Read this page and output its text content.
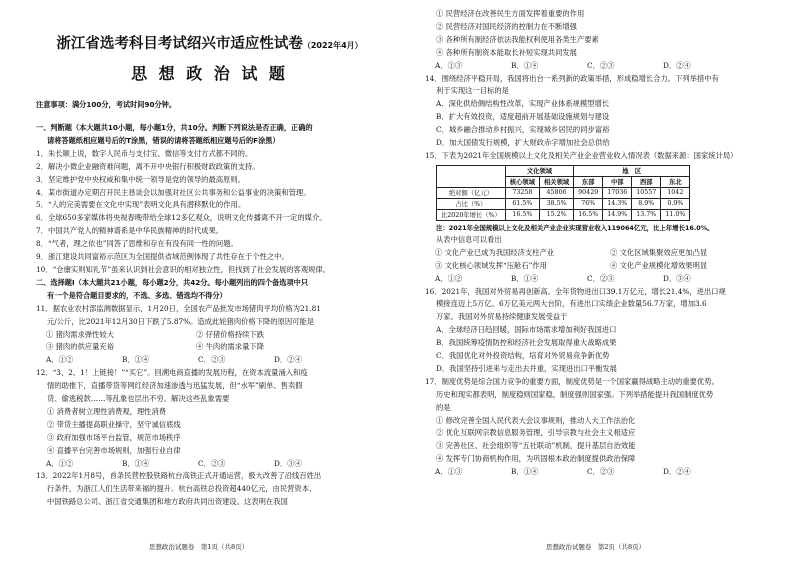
浙江省选考科目考试绍兴市适应性试卷（2022年4月）
思 想 政 治 试 题
注意事项：满分100分，考试时间90分钟。

一、判断题（本大题共10小题，每小题1分，共10分。判断下列说法是否正确，正确的

请将答题纸相应题号后的T涂黑，错误的请将答题纸相应题号后的F涂黑）

1．朱长顺上说，数字人民币与支付宝、微信等支付方式都不同的。

2．解决小微企业融资难问题，离不开中央银行积极财政政策的支持。

3．坚定维护党中央权威和集中统一领导是党的领导的最高原则。

4．某市街道办定期召开民主恳谈会以加强对社区公共事务和公益事业的决策和管理。

5．“人的完美需要在文化中实现”表明文化具有潜移默化的作用。

6．全球650多家媒体将央视春晚带给全球12多亿观众，说明文化传播离不开一定的媒介。

7．中国共产党人的精神谱系是中华民族精神的时代成果。

8．“气者，理之依也”同答了思维和存在有没有同一性的问题。

9．浙江建设共同富裕示范区为全国提供省域范例体现了共性存在于个性之中。

10．“仓廪实则知礼节”虽来认识到社会意识的相对独立性，但找到了社会发展的客观规律。

二、选择题Ⅰ（本大题共21小题，每小题2分，共42分。每小题列出的四个备选项中只

有一个是符合题目要求的，不选、多选、错选均不得分）

11．据农业农村部监测数据显示，1月20日，全国农产品批发市场猪肉平均价格为21.81

元/公斤，比2021年12月30日下跌了5.87%。造成此轮猪肉价格下降的原因可能是

① 猪肉需求弹性较大	② 仔猪价格持续下跌
③ 猪肉的供应量充裕	④ 牛肉的需求量下降
A．①②	B．①④	C．②③	D．②④

12．“3、2、1！上链接！”“买它”。回溯电商直播的发展历程，在资本流量涌入和疫

情的助推下，直播带货等网红经济加速渗透与迅猛发展，但“水军”刷单、售卖假

货、偷逃税款……等乱象也层出不穷。解决这些乱象需要

① 消费者树立理性消费观，理性消费

② 带货主播提高职业操守，坚守诚信底线

③ 政府加强市场平台监管，规范市场秩序

④ 直播平台完善市场规则，加强行业自律

A．①②	B．①④	C．②③	D．③④

13．2022年1月8号，首条民营控股铁路杭台高铁正式开通运营，极大改善了沿线百姓出

行条件，为浙江人们生活带来福的提升。杭台高铁总投资超440亿元，由民营资本、

中国铁路总公司、浙江省交通集团和地方政府共同出资建设。这表明在我国

思想政治试题卷　第1页（共8页）

① 民营经济在改善民生方面发挥着重要的作用

② 民营经济对国民经济的控制力在不断增强

③ 各种所有制经济依法我能权利使用各类生产要素

④ 各种所有制资本能取长补短实现共同发展

A．①③	B．①④	C．②③	D．②④

14．围绕经济平稳开局，我国将出台一系列新的政策举措，形成稳增长合力。下列举措中有

利于实现这一目标的是

A．深化供给侧结构性改革，实现产业体系规模型增长

B．扩大有效投资，适度超前开展基础设施规划与建设

C．城乡融合推动乡村振兴，实现城乡居民的同步富裕

D．加大国债发行规模，扩大财政赤字增加社会总供给

15．下表为2021年全国规模以上文化及相关产业企业营业收入情况表（数据来源：国家统计局）

	文化领域		地　区			
	核心领域	相关领域	东部	中部	西部	东北
绝对额（亿元）	73258	45806	90429	17036	10557	1042
占比（%）	61.5%	38.5%	76%	14.3%	8.9%	0.9%
比2020年增长（%）	16.5%	15.2%	16.5%	14.9%	13.7%	11.0%

注：2021年全国规模以上文化及相关产业企业实现营业收入119064亿元，比上年增长16.0%。

从表中信息可以看出

① 文化产业已成为我国经济支柱产业	② 文化区域集聚效应更加凸显
③ 文化核心领域发挥“压舱石”作用	④ 文化产业规模化增效果明显
A．①②	B．①④	C．②③	D．③④

16．2021年，我国对外贸易再创新高。全年货物进出口39.1万亿元，增长21.4%，进出口规

模接连迈上5万亿、6万亿美元两大台阶，有进出口实绩企业数量56.7万家，增加3.6

万家。我国对外贸易持续健康发展受益于

A．全球经济日趋回暖，国际市场需求增加利好我国进口

B．我国统筹疫情防控和经济社会发展取得重大战略成果

C．我国优化对外投资结构，培育对外贸易竞争新优势

D．我国坚持引进来与走出去并重，实现进出口平衡发展

17．制度优势是综合国力竞争的重要方面，制度优势是一个国家赢得战略主动的重要优势。

历史和现实都表明，制度稳则国家稳，制度强则国家强。下列举措能提升我国制度优势

的是

① 修改完善全国人民代表大会议事规则，推动人大工作法治化

② 优化互联网宗教信息服务管理，引导宗教与社会主义相适应

③ 完善社区、社会组织等“五社联动”机制，提升基层自治效能

④ 发挥专门协商机构作用，为巩固根本政治制度提供政治保障

A．①③	B．①④	C．②③	D．②④
思想政治试题卷　第2页（共8页）
